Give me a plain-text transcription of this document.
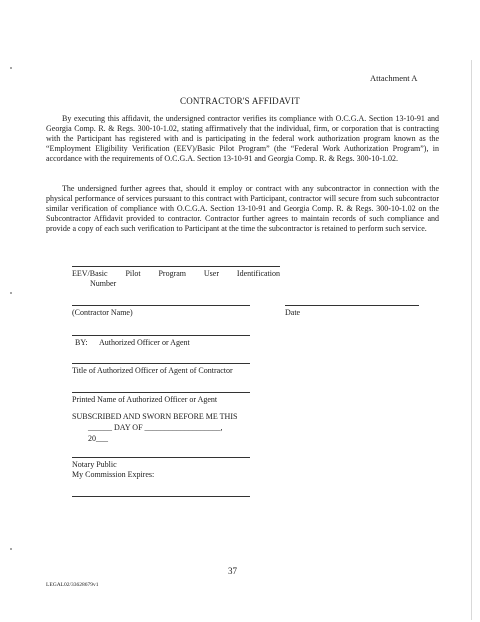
Attachment A
CONTRACTOR'S AFFIDAVIT
By executing this affidavit, the undersigned contractor verifies its compliance with O.C.G.A. Section 13-10-91 and Georgia Comp. R. & Regs. 300-10-1.02, stating affirmatively that the individual, firm, or corporation that is contracting with the Participant has registered with and is participating in the federal work authorization program known as the “Employment Eligibility Verification (EEV)/Basic Pilot Program” (the “Federal Work Authorization Program”), in accordance with the requirements of O.C.G.A. Section 13-10-91 and Georgia Comp. R. & Regs. 300-10-1.02.
The undersigned further agrees that, should it employ or contract with any subcontractor in connection with the physical performance of services pursuant to this contract with Participant, contractor will secure from such subcontractor similar verification of compliance with O.C.G.A. Section 13-10-91 and Georgia Comp. R. & Regs. 300-10-1.02 on the Subcontractor Affidavit provided to contractor. Contractor further agrees to maintain records of such compliance and provide a copy of each such verification to Participant at the time the subcontractor is retained to perform such service.
EEV/Basic Pilot Program User Identification
Number
(Contractor Name)	Date
BY: Authorized Officer or Agent
Title of Authorized Officer of Agent of Contractor
Printed Name of Authorized Officer or Agent
SUBSCRIBED AND SWORN BEFORE ME THIS
______ DAY OF ___________________,
20___
Notary Public
My Commission Expires:
37
LEGAL02/33628679v1
